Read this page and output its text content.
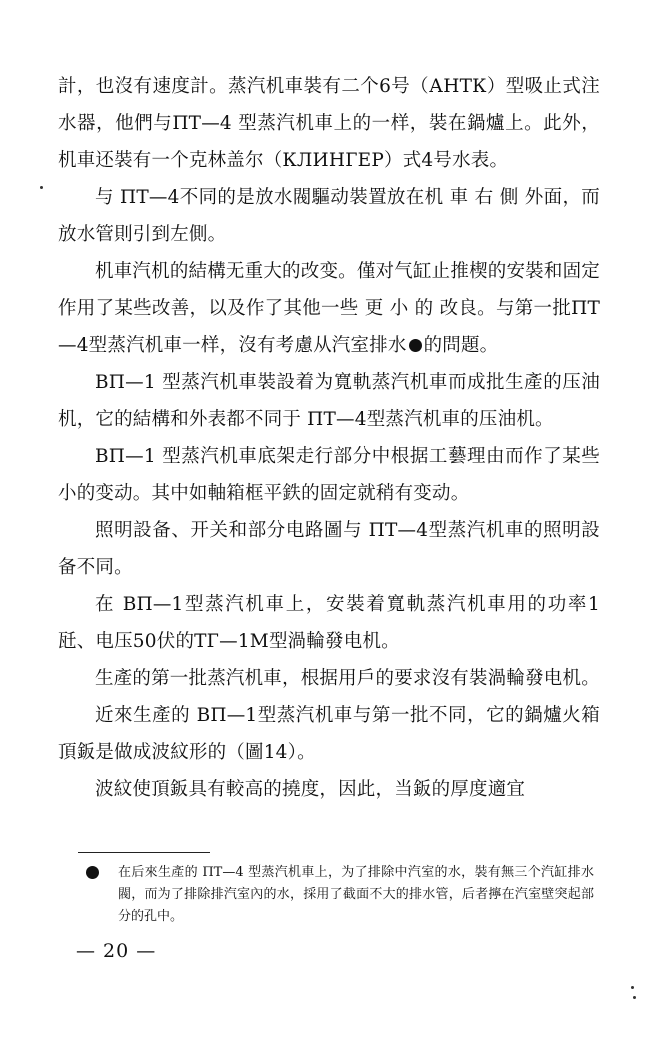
計，也沒有速度計。蒸汽机車裝有二个6号（АНТК）型吸止式注水器，他們与ПТ—4 型蒸汽机車上的一样，裝在鍋爐上。此外，机車还裝有一个克林盖尔（КЛИНГЕР）式4号水表。

与 ПТ—4不同的是放水閥驅动裝置放在机 車 右 側 外面，而放水管則引到左側。

机車汽机的結構无重大的改变。僅对气缸止推楔的安裝和固定作用了某些改善，以及作了其他一些 更 小 的 改良。与第一批ПТ—4型蒸汽机車一样，沒有考慮从汽室排水 的問題。

ВП—1 型蒸汽机車裝設着为寬軌蒸汽机車而成批生產的压油机，它的結構和外表都不同于 ПТ—4型蒸汽机車的压油机。

ВП—1 型蒸汽机車底架走行部分中根据工藝理由而作了某些小的变动。其中如軸箱框平鉄的固定就稍有变动。

照明設备、开关和部分电路圖与 ПТ—4型蒸汽机車的照明設备不同。

在 ВП—1型蒸汽机車上，安裝着寬軌蒸汽机車用的功率1瓩、电压50伏的ТГ—1М型渦輪發电机。

生產的第一批蒸汽机車，根据用戶的要求沒有裝渦輪發电机。

近來生產的 ВП—1型蒸汽机車与第一批不同，它的鍋爐火箱頂鈑是做成波紋形的（圖14）。

波紋使頂鈑具有較高的撓度，因此，当鈑的厚度適宜

在后來生產的 ПТ—4 型蒸汽机車上，为了排除中汽室的水，裝有無三个汽缸排水閥，而为了排除排汽室內的水，採用了截面不大的排水管，后者擰在汽室壁突起部分的孔中。

— 20 —
